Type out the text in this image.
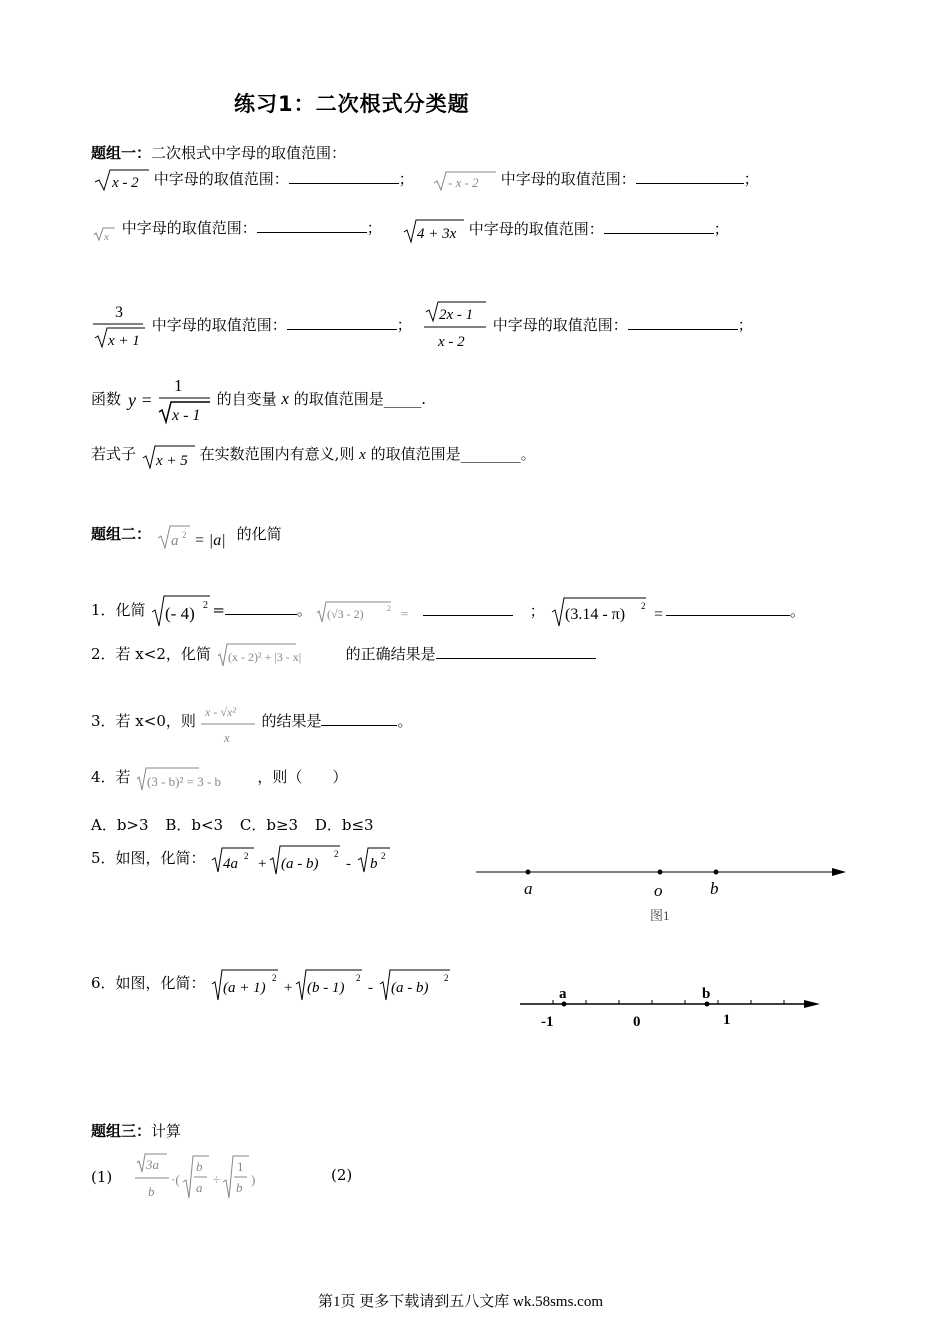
练习1：二次根式分类题
题组一：二次根式中字母的取值范围：
x - 2 中字母的取值范围：	；	- x - 2 中字母的取值范围：	；
x 中字母的取值范围：	； 4 + 3x 中字母的取值范围：	；
3
x + 1
中字母的取值范围：	；
2x - 1
x - 2
中字母的取值范围：	；
函数 y =
1
x - 1
的自变量 x 的取值范围是_____.
若式子 x + 5 在实数范围内有意义,则 x 的取值范围是________。
题组二： a 2 = |a| 的化简
1．化简 (- 4) 2 =	。 (√3 - 2)	2 =	； (3.14 - π) 2 =	。
2．若 x<2，化简 (x - 2)² + |3 - x|	的正确结果是
3．若 x<0，则 x - √x²
x
的结果是	。
4．若 (3 - b)² = 3 - b ，则（　　）
A．b>3 B．b<3 C．b≥3 D．b≤3
5．如图，化简： 4a 2 + (a - b)
2
- b 2
a	o	b
图1
6．如图，化简： (a + 1)
2
+ (b - 1)
2
- (a - b)
2
a	b
-1	0	1
题组三：计算
(1)
3a
b
·(
b
a
÷
1
b
)	(2)
第1页 更多下载请到五八文库 wk.58sms.com
